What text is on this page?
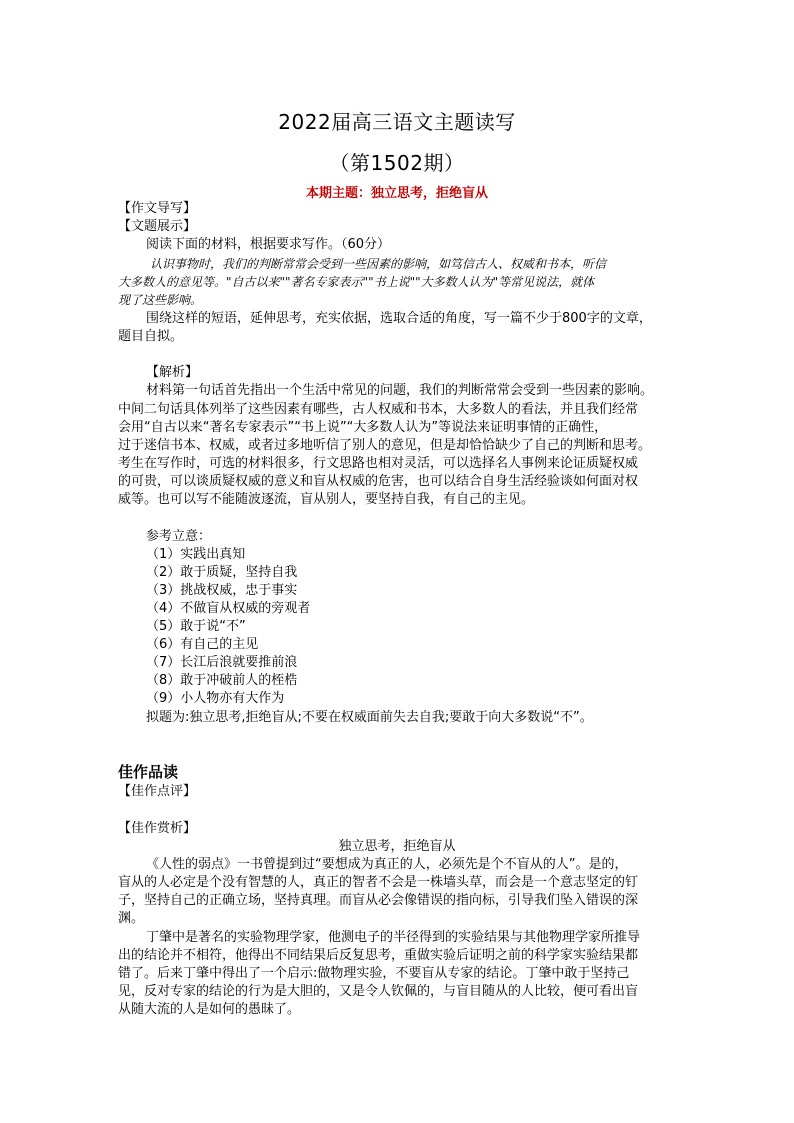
2022届高三语文主题读写
（第1502期）
本期主题：独立思考，拒绝盲从
【作文导写】
【文题展示】
阅读下面的材料，根据要求写作。（60分）
认识事物时，我们的判断常常会受到一些因素的影响，如笃信古人、权威和书本，听信
大多数人的意见等。"自古以来""著名专家表示""书上说""大多数人认为"等常见说法，就体
现了这些影响。
围绕这样的短语，延伸思考，充实依据，选取合适的角度，写一篇不少于800字的文章，
题目自拟。
【解析】
材料第一句话首先指出一个生活中常见的问题，我们的判断常常会受到一些因素的影响。
中间二句话具体列举了这些因素有哪些，古人权威和书本，大多数人的看法，并且我们经常
会用“自古以来“著名专家表示”“书上说”“大多数人认为”等说法来证明事情的正确性，
过于迷信书本、权威，或者过多地听信了别人的意见，但是却恰恰缺少了自己的判断和思考。
考生在写作时，可选的材料很多，行文思路也相对灵活，可以选择名人事例来论证质疑权威
的可贵，可以谈质疑权威的意义和盲从权威的危害，也可以结合自身生活经验谈如何面对权
威等。也可以写不能随波逐流，盲从别人，要坚持自我，有自己的主见。
参考立意：
（1）实践出真知
（2）敢于质疑，坚持自我
（3）挑战权威，忠于事实
（4）不做盲从权威的旁观者
（5）敢于说“不”
（6）有自己的主见
（7）长江后浪就要推前浪
（8）敢于冲破前人的桎梏
（9）小人物亦有大作为
拟题为:独立思考,拒绝盲从;不要在权威面前失去自我;要敢于向大多数说“不”。
佳作品读
【佳作点评】
【佳作赏析】
独立思考，拒绝盲从
《人性的弱点》一书曾提到过“要想成为真正的人，必须先是个不盲从的人”。是的，
盲从的人必定是个没有智慧的人，真正的智者不会是一株墙头草，而会是一个意志坚定的钉
子，坚持自己的正确立场，坚持真理。而盲从必会像错误的指向标，引导我们坠入错误的深
渊。
丁肇中是著名的实验物理学家，他测电子的半径得到的实验结果与其他物理学家所推导
出的结论并不相符，他得出不同结果后反复思考，重做实验后证明之前的科学家实验结果都
错了。后来丁肇中得出了一个启示:做物理实验，不要盲从专家的结论。丁肇中敢于坚持己
见，反对专家的结论的行为是大胆的，又是令人钦佩的，与盲目随从的人比较，便可看出盲
从随大流的人是如何的愚昧了。
